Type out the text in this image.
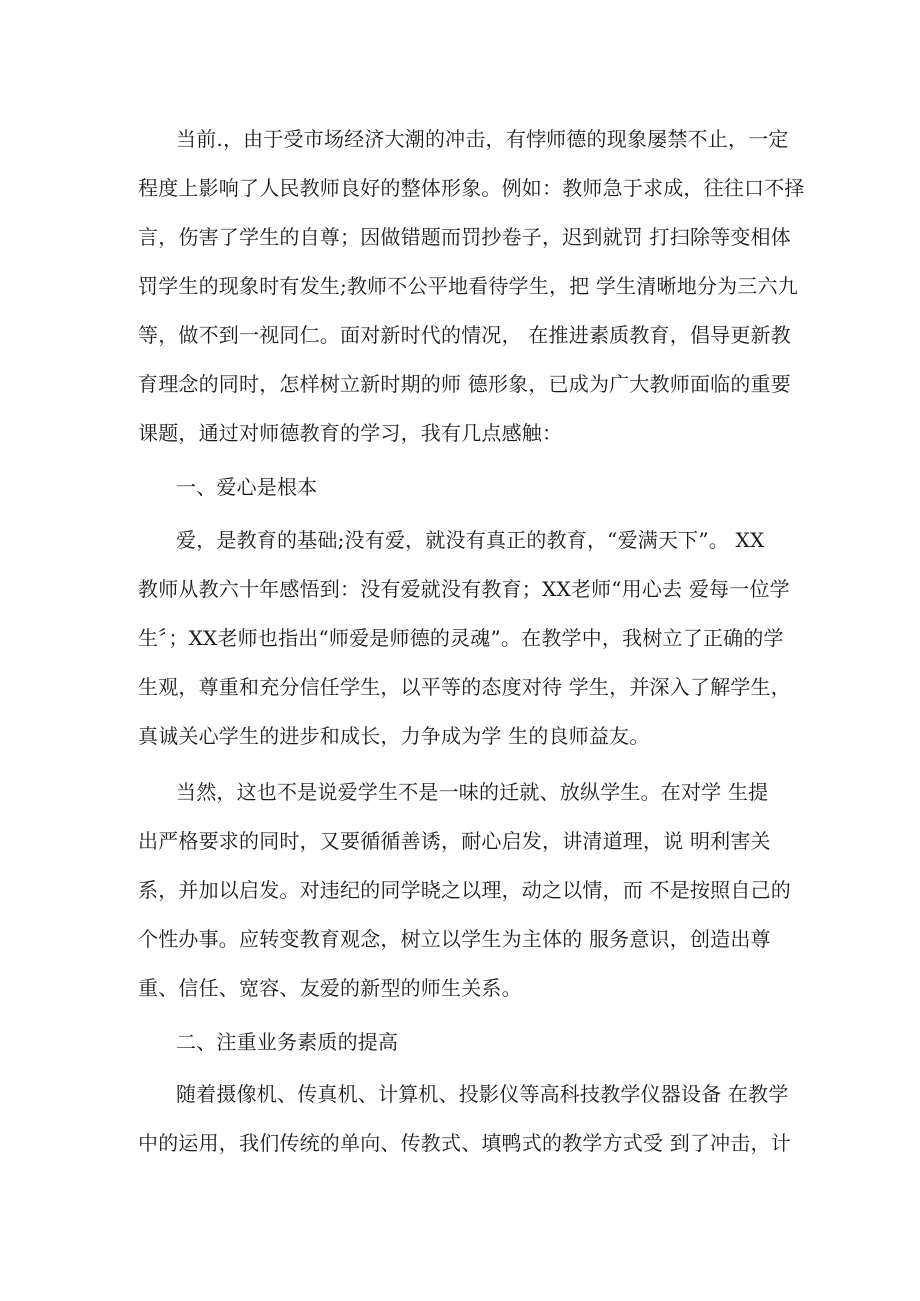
当前.，由于受市场经济大潮的冲击，有悖师德的现象屡禁不止，一定
程度上影响了人民教师良好的整体形象。例如：教师急于求成，往往口不择
言，伤害了学生的自尊；因做错题而罚抄卷子，迟到就罚 打扫除等变相体
罚学生的现象时有发生;教师不公平地看待学生，把 学生清晰地分为三六九
等，做不到一视同仁。面对新时代的情况， 在推进素质教育，倡导更新教
育理念的同时，怎样树立新时期的师 德形象，已成为广大教师面临的重要
课题，通过对师德教育的学习，我有几点感触：
一、爱心是根本
爱，是教育的基础;没有爱，就没有真正的教育，“爱满天下”。 XX
教师从教六十年感悟到：没有爱就没有教育；XX老师“用心去 爱每一位学
生〞；XX老师也指出“师爱是师德的灵魂”。在教学中，我树立了正确的学
生观，尊重和充分信任学生，以平等的态度对待 学生，并深入了解学生，
真诚关心学生的进步和成长，力争成为学 生的良师益友。
当然，这也不是说爱学生不是一味的迁就、放纵学生。在对学 生提
出严格要求的同时，又要循循善诱，耐心启发，讲清道理，说 明利害关
系，并加以启发。对违纪的同学晓之以理，动之以情，而 不是按照自己的
个性办事。应转变教育观念，树立以学生为主体的 服务意识，创造出尊
重、信任、宽容、友爱的新型的师生关系。
二、注重业务素质的提高
随着摄像机、传真机、计算机、投影仪等高科技教学仪器设备 在教学
中的运用，我们传统的单向、传教式、填鸭式的教学方式受 到了冲击，计
